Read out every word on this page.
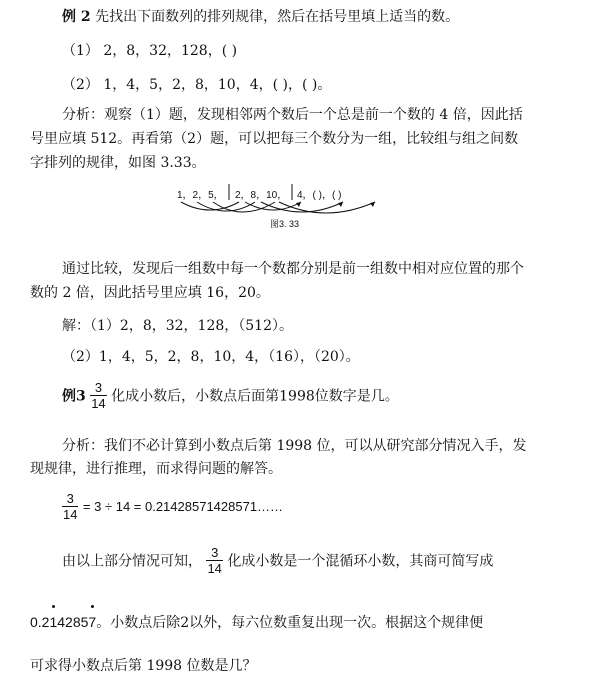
例 2 先找出下面数列的排列规律，然后在括号里填上适当的数。
（1） 2，8，32，128，( )
（2） 1，4，5，2，8，10，4，( )，( )。
分析：观察（1）题，发现相邻两个数后一个总是前一个数的 4 倍，因此括
号里应填 512。再看第（2）题，可以把每三个数分为一组，比较组与组之间数
字排列的规律，如图 3.33。
1，2，5， 2，8，10， 4，( )，( )
图3. 33
通过比较，发现后一组数中每一个数都分别是前一组数中相对应位置的那个
数的 2 倍，因此括号里应填 16，20。
解：（1）2，8，32，128，（512）。
（2）1，4，5，2，8，10，4，（16），（20）。
例$3 \frac{3}{14}$ 化成小数后，小数点后面第1998位数字是几。
分析：我们不必计算到小数点后第 1998 位，可以从研究部分情况入手，发
现规律，进行推理，而求得问题的解答。
$\frac{3}{14} = 3 \div 14$ = 0.21428571428571……
由以上部分情况可知， $\frac{3}{14}$ 化成小数是一个混循环小数，其商可简写成
0.2
14285
7。小数点后除2以外，每六位数重复出现一次。根据这个规律便
可求得小数点后第 1998 位数是几？
